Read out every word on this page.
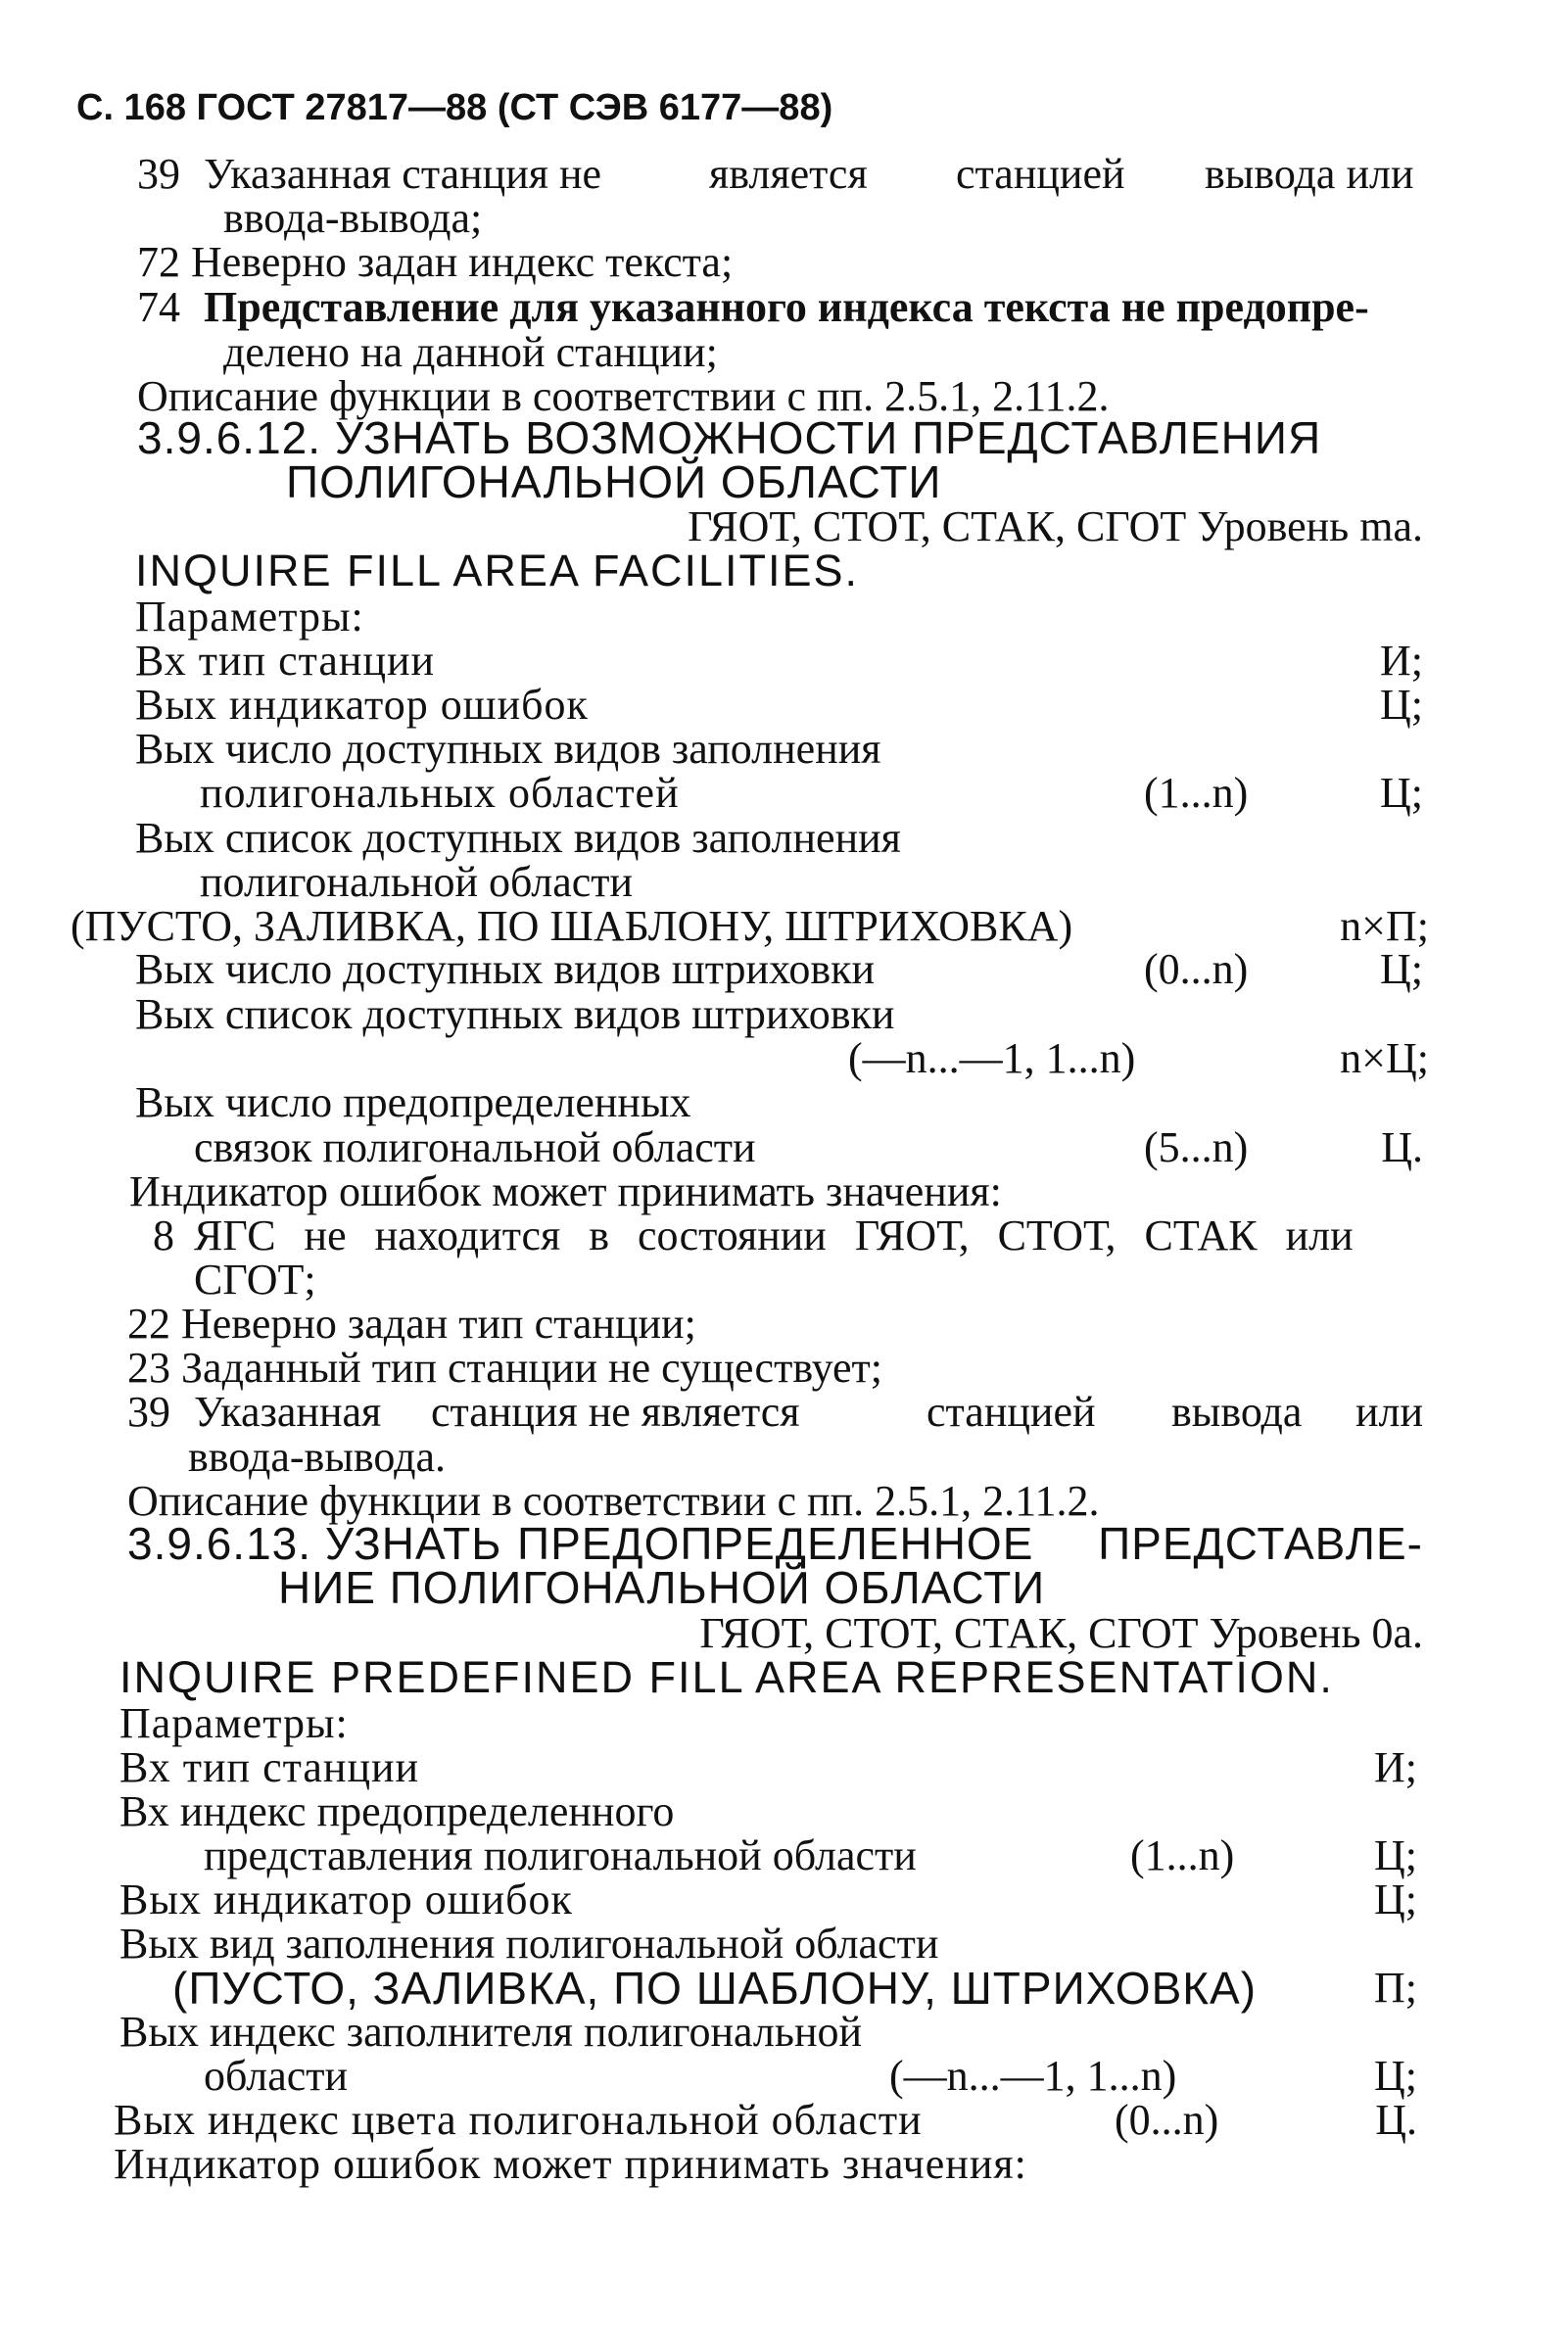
С. 168 ГОСТ 27817—88 (СТ СЭВ 6177—88)
39 Указанная станция не является станцией вывода или
ввода-вывода;
72 Неверно задан индекс текста;
74 Представление для указанного индекса текста не предопре-
делено на данной станции;
Описание функции в соответствии с пп. 2.5.1, 2.11.2.
3.9.6.12. УЗНАТЬ ВОЗМОЖНОСТИ ПРЕДСТАВЛЕНИЯ
ПОЛИГОНАЛЬНОЙ ОБЛАСТИ
ГЯОТ, СТОТ, СТАК, СГОТ Уровень mа.
INQUIRE FILL AREA FACILITIES.
Параметры:
Вх тип станции	И;
Вых индикатор ошибок	Ц;
Вых число доступных видов заполнения
полигональных областей	(1...n)	Ц;
Вых список доступных видов заполнения
полигональной области
(ПУСТО, ЗАЛИВКА, ПО ШАБЛОНУ, ШТРИХОВКА)	n×П;
Вых число доступных видов штриховки	(0...n)	Ц;
Вых список доступных видов штриховки
(—n...—1, 1...n)	n×Ц;
Вых число предопределенных
связок полигональной области	(5...n)	Ц.
Индикатор ошибок может принимать значения:
8 ЯГС не находится в состоянии ГЯОТ, СТОТ, СТАК или
СГОТ;
22 Неверно задан тип станции;
23 Заданный тип станции не существует;
39 Указанная станция не является	станцией вывода или
ввода-вывода.
Описание функции в соответствии с пп. 2.5.1, 2.11.2.
3.9.6.13. УЗНАТЬ ПРЕДОПРЕДЕЛЕННОЕ ПРЕДСТАВЛЕ-
НИЕ ПОЛИГОНАЛЬНОЙ ОБЛАСТИ
ГЯОТ, СТОТ, СТАК, СГОТ Уровень 0а.
INQUIRE PREDEFINED FILL AREA REPRESENTATION.
Параметры:
Вх тип станции	И;
Вх индекс предопределенного
представления полигональной области	(1...n)	Ц;
Вых индикатор ошибок	Ц;
Вых вид заполнения полигональной области
(ПУСТО, ЗАЛИВКА, ПО ШАБЛОНУ, ШТРИХОВКА)	П;
Вых индекс заполнителя полигональной
области	(—n...—1, 1...n)	Ц;
Вых индекс цвета полигональной области	(0...n)	Ц.
Индикатор ошибок может принимать значения:
